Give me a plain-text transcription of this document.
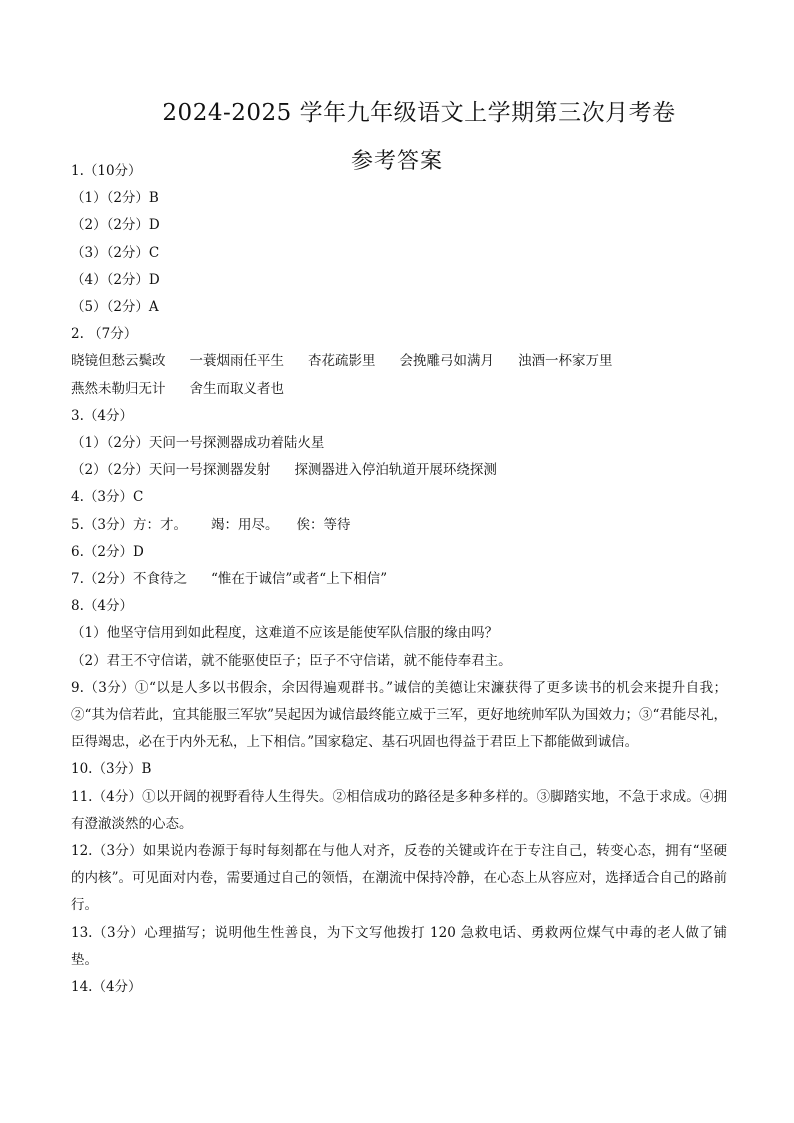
2024-2025 学年九年级语文上学期第三次月考卷
参考答案
1.（10分）
（1）（2分）B
（2）（2分）D
（3）（2分）C
（4）（2分）D
（5）（2分）A
2. （7分）
晓镜但愁云鬓改 一蓑烟雨任平生 杏花疏影里 会挽雕弓如满月 浊酒一杯家万里
燕然未勒归无计 舍生而取义者也
3.（4分）
（1）（2分）天问一号探测器成功着陆火星
（2）（2分）天问一号探测器发射 探测器进入停泊轨道开展环绕探测
4.（3分）C
5.（3分）方：才。 竭：用尽。 俟：等待
6.（2分）D
7.（2分）不食待之 “惟在于诚信”或者“上下相信”
8.（4分）
（1）他坚守信用到如此程度，这难道不应该是能使军队信服的缘由吗？
（2）君王不守信诺，就不能驱使臣子；臣子不守信诺，就不能侍奉君主。
9.（3分）①“以是人多以书假余，余因得遍观群书。”诚信的美德让宋濂获得了更多读书的机会来提升自我；②“其为信若此，宜其能服三军欤”吴起因为诚信最终能立威于三军，更好地统帅军队为国效力；③“君能尽礼，臣得竭忠，必在于内外无私，上下相信。”国家稳定、基石巩固也得益于君臣上下都能做到诚信。
10.（3分）B
11.（4分）①以开阔的视野看待人生得失。②相信成功的路径是多种多样的。③脚踏实地，不急于求成。④拥有澄澈淡然的心态。
12.（3分）如果说内卷源于每时每刻都在与他人对齐，反卷的关键或许在于专注自己，转变心态，拥有“坚硬的内核”。可见面对内卷，需要通过自己的领悟，在潮流中保持冷静，在心态上从容应对，选择适合自己的路前行。
13.（3分）心理描写；说明他生性善良，为下文写他拨打 120 急救电话、勇救两位煤气中毒的老人做了铺垫。
14.（4分）
